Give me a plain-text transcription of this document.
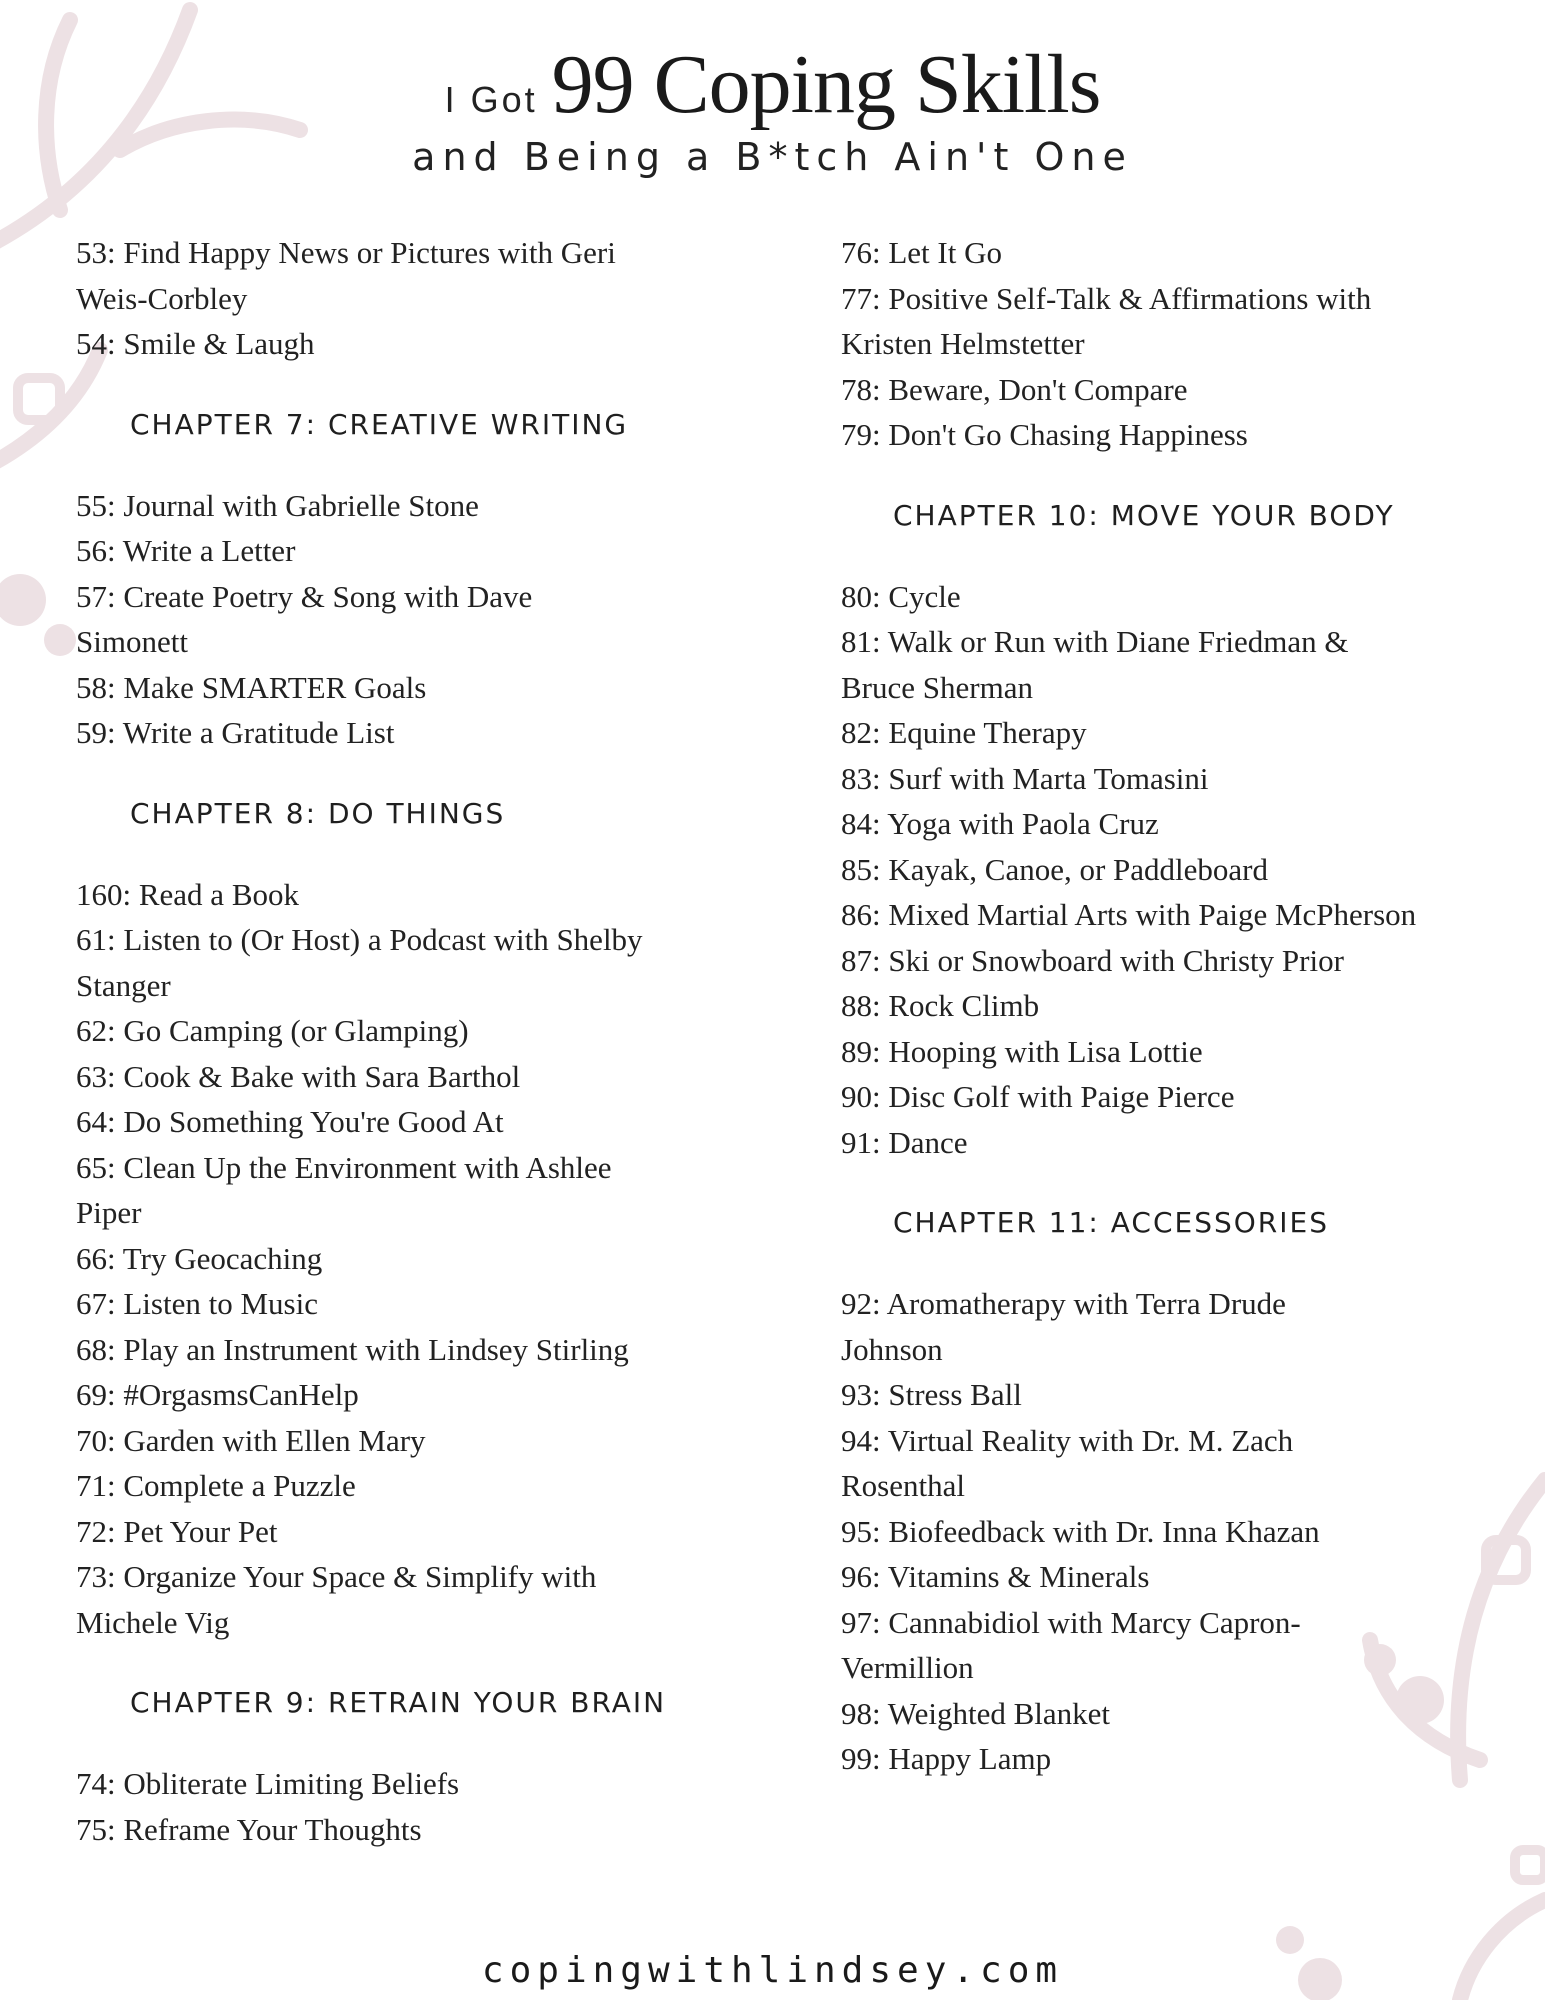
I Got 99 Coping Skills
and Being a B*tch Ain't One
53: Find Happy News or Pictures with Geri
Weis-Corbley
54: Smile & Laugh
CHAPTER 7: CREATIVE WRITING
55: Journal with Gabrielle Stone
56: Write a Letter
57: Create Poetry & Song with Dave
Simonett
58: Make SMARTER Goals
59: Write a Gratitude List
CHAPTER 8: DO THINGS
160: Read a Book
61: Listen to (Or Host) a Podcast with Shelby
Stanger
62: Go Camping (or Glamping)
63: Cook & Bake with Sara Barthol
64: Do Something You're Good At
65: Clean Up the Environment with Ashlee
Piper
66: Try Geocaching
67: Listen to Music
68: Play an Instrument with Lindsey Stirling
69: #OrgasmsCanHelp
70: Garden with Ellen Mary
71: Complete a Puzzle
72: Pet Your Pet
73: Organize Your Space & Simplify with
Michele Vig
CHAPTER 9: RETRAIN YOUR BRAIN
74: Obliterate Limiting Beliefs
75: Reframe Your Thoughts
76: Let It Go
77: Positive Self-Talk & Affirmations with
Kristen Helmstetter
78: Beware, Don't Compare
79: Don't Go Chasing Happiness
CHAPTER 10: MOVE YOUR BODY
80: Cycle
81: Walk or Run with Diane Friedman &
Bruce Sherman
82: Equine Therapy
83: Surf with Marta Tomasini
84: Yoga with Paola Cruz
85: Kayak, Canoe, or Paddleboard
86: Mixed Martial Arts with Paige McPherson
87: Ski or Snowboard with Christy Prior
88: Rock Climb
89: Hooping with Lisa Lottie
90: Disc Golf with Paige Pierce
91: Dance
CHAPTER 11: ACCESSORIES
92: Aromatherapy with Terra Drude
Johnson
93: Stress Ball
94: Virtual Reality with Dr. M. Zach
Rosenthal
95: Biofeedback with Dr. Inna Khazan
96: Vitamins & Minerals
97: Cannabidiol with Marcy Capron-
Vermillion
98: Weighted Blanket
99: Happy Lamp
copingwithlindsey.com
